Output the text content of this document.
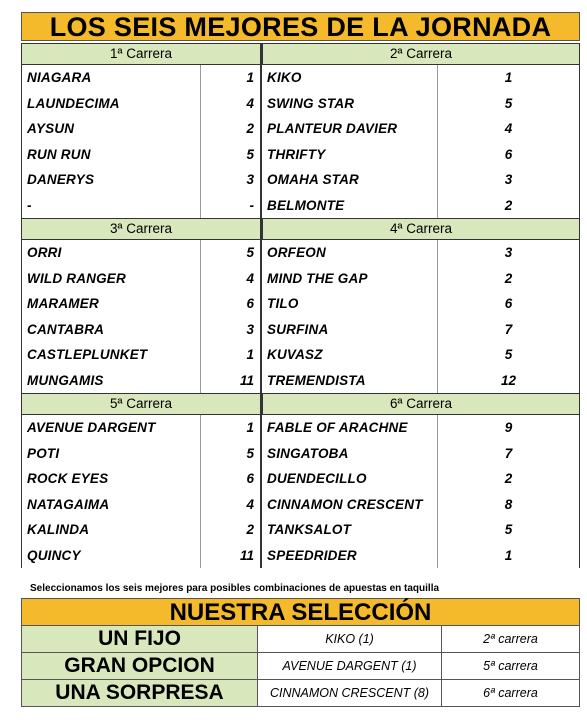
LOS SEIS MEJORES DE LA JORNADA
1ª Carrera	2ª Carrera
NIAGARA	1
LAUNDECIMA	4
AYSUN	2
RUN RUN	5
DANERYS	3
-	-
KIKO	1
SWING STAR	5
PLANTEUR DAVIER	4
THRIFTY	6
OMAHA STAR	3
BELMONTE	2
3ª Carrera	4ª Carrera
ORRI	5
WILD RANGER	4
MARAMER	6
CANTABRA	3
CASTLEPLUNKET	1
MUNGAMIS	11
ORFEON	3
MIND THE GAP	2
TILO	6
SURFINA	7
KUVASZ	5
TREMENDISTA	12
5ª Carrera	6ª Carrera
AVENUE DARGENT	1
POTI	5
ROCK EYES	6
NATAGAIMA	4
KALINDA	2
QUINCY	11
FABLE OF ARACHNE	9
SINGATOBA	7
DUENDECILLO	2
CINNAMON CRESCENT	8
TANKSALOT	5
SPEEDRIDER	1
Seleccionamos los seis mejores para posibles combinaciones de apuestas en taquilla
NUESTRA SELECCIÓN
UN FIJO	KIKO (1)	2ª carrera
GRAN OPCION	AVENUE DARGENT (1)	5ª carrera
UNA SORPRESA	CINNAMON CRESCENT (8)	6ª carrera
